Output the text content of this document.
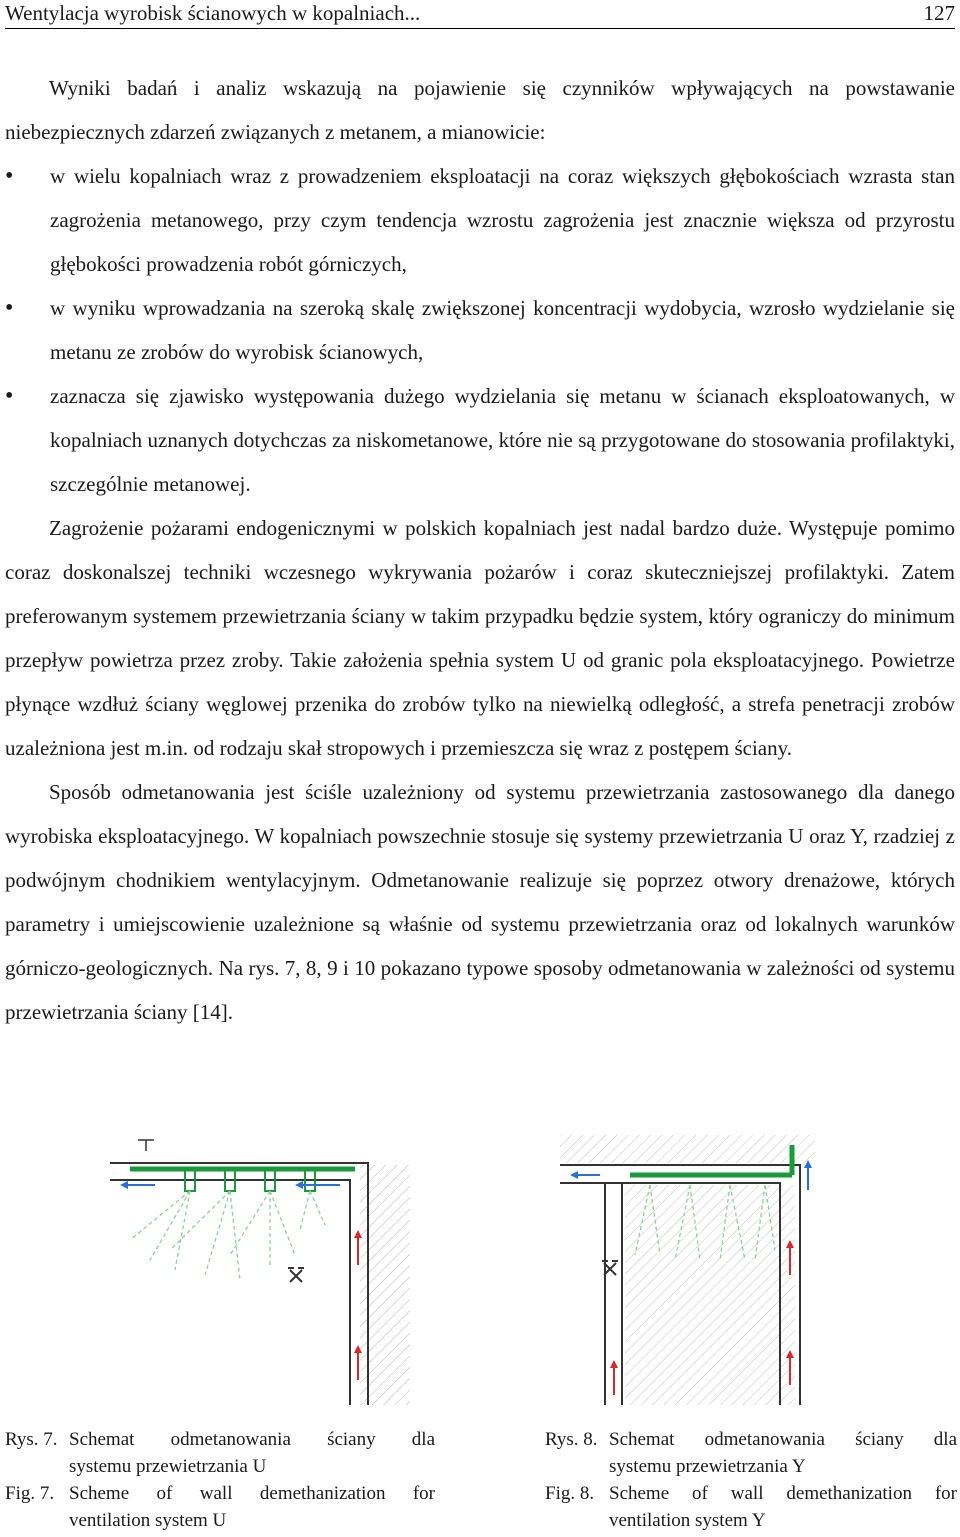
Wentylacja wyrobisk ścianowych w kopalniach...	127

Wyniki badań i analiz wskazują na pojawienie się czynników wpływających na powstawanie niebezpiecznych zdarzeń związanych z metanem, a mianowicie:

• w wielu kopalniach wraz z prowadzeniem eksploatacji na coraz większych głębokościach wzrasta stan zagrożenia metanowego, przy czym tendencja wzrostu zagrożenia jest znacznie większa od przyrostu głębokości prowadzenia robót górniczych,
• w wyniku wprowadzania na szeroką skalę zwiększonej koncentracji wydobycia, wzrosło wydzielanie się metanu ze zrobów do wyrobisk ścianowych,
• zaznacza się zjawisko występowania dużego wydzielania się metanu w ścianach eksploatowanych, w kopalniach uznanych dotychczas za niskometanowe, które nie są przygotowane do stosowania profilaktyki, szczególnie metanowej.

Zagrożenie pożarami endogenicznymi w polskich kopalniach jest nadal bardzo duże. Występuje pomimo coraz doskonalszej techniki wczesnego wykrywania pożarów i coraz skuteczniejszej profilaktyki. Zatem preferowanym systemem przewietrzania ściany w takim przypadku będzie system, który ograniczy do minimum przepływ powietrza przez zroby. Takie założenia spełnia system U od granic pola eksploatacyjnego. Powietrze płynące wzdłuż ściany węglowej przenika do zrobów tylko na niewielką odległość, a strefa penetracji zrobów uzależniona jest m.in. od rodzaju skał stropowych i przemieszcza się wraz z postępem ściany.

Sposób odmetanowania jest ściśle uzależniony od systemu przewietrzania zastosowanego dla danego wyrobiska eksploatacyjnego. W kopalniach powszechnie stosuje się systemy przewietrzania U oraz Y, rzadziej z podwójnym chodnikiem wentylacyjnym. Odmetanowanie realizuje się poprzez otwory drenażowe, których parametry i umiejscowienie uzależnione są właśnie od systemu przewietrzania oraz od lokalnych warunków górniczo-geologicznych. Na rys. 7, 8, 9 i 10 pokazano typowe sposoby odmetanowania w zależności od systemu przewietrzania ściany [14].

Rys. 7. Schemat odmetanowania ściany dla
systemu przewietrzania U
Fig. 7. Scheme of wall demethanization for
ventilation system U
Rys. 8. Schemat odmetanowania ściany dla
systemu przewietrzania Y
Fig. 8. Scheme of wall demethanization for
ventilation system Y
